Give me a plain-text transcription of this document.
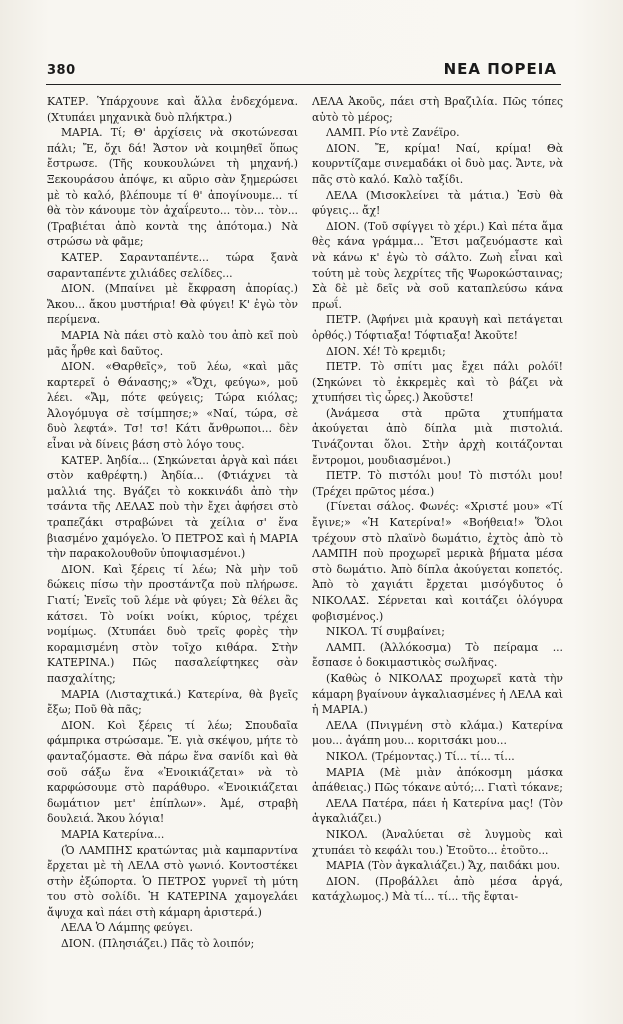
380	ΝΕΑ ΠΟΡΕΙΑ

ΚΑΤΕΡ. Ὑπάρχουνε καὶ ἄλλα ἐνδεχόμενα. (Χτυπάει μηχανικὰ δυὸ πλήκτρα.)

ΜΑΡΙΑ. Τί; Θ' ἀρχίσεις νὰ σκοτώνεσαι πάλι; Ἔ, ὄχι δά! Ἄστον νὰ κοιμηθεῖ ὅπως ἔστρωσε. (Τῆς κουκουλώνει τὴ μηχανή.) Ξεκουράσου ἀπόψε, κι αὔριο σὰν ξημερώσει μὲ τὸ καλό, βλέπουμε τί θ' ἀπογίνουμε... τί θὰ τὸν κάνουμε τὸν ἀχαΐρευτο... τὸν... τὸν... (Τραβιέται ἀπὸ κοντὰ της ἀπότομα.) Νὰ στρώσω νὰ φᾶμε;

ΚΑΤΕΡ. Σαρανταπέντε... τώρα ξανὰ σαρανταπέντε χιλιάδες σελίδες...

ΔΙΟΝ. (Μπαίνει μὲ ἔκφραση ἀπορίας.) Ἄκου... ἄκου μυστήρια! Θὰ φύγει! Κ' ἐγὼ τὸν περίμενα.

ΜΑΡΙΑ Νὰ πάει στὸ καλὸ του ἀπὸ κεῖ ποὺ μᾶς ἦρθε καὶ δαῦτος.

ΔΙΟΝ. «Θαρθεῖς», τοῦ λέω, «καὶ μᾶς καρτερεῖ ὁ Θάνασης;» «Ὄχι, φεύγω», μοῦ λέει. «Ἄμ, πότε φεύγεις; Τώρα κιόλας; Ἀλογόμυγα σὲ τσίμπησε;» «Ναί, τώρα, σὲ δυὸ λεφτά». Τσ! τσ! Κάτι ἄνθρωποι... δὲν εἶναι νὰ δίνεις βάση στὸ λόγο τους.

ΚΑΤΕΡ. Ἀηδία... (Σηκώνεται ἀργὰ καὶ πάει στὸν καθρέφτη.) Ἀηδία... (Φτιάχνει τὰ μαλλιά της. Βγάζει τὸ κοκκινάδι ἀπὸ τὴν τσάντα τῆς ΛΕΛΑΣ ποὺ τὴν ἔχει ἀφήσει στὸ τραπεζάκι στραβώνει τὰ χείλια σ' ἕνα βιασμένο χαμόγελο. Ὁ ΠΕΤΡΟΣ καὶ ἡ ΜΑΡΙΑ τὴν παρακολουθοῦν ὑποψιασμένοι.)

ΔΙΟΝ. Καὶ ξέρεις τί λέω; Νὰ μὴν τοῦ δώκεις πίσω τὴν προστάντζα ποὺ πλήρωσε. Γιατί; Ἐνεῖς τοῦ λέμε νὰ φύγει; Σὰ θέλει ἂς κάτσει. Τὸ νοίκι νοίκι, κύριος, τρέχει νομίμως. (Χτυπάει δυὸ τρεῖς φορὲς τὴν κοραμισμένη στὸν τοῖχο κιθάρα. Στὴν ΚΑΤΕΡΙΝΑ.) Πῶς πασαλείφτηκες σὰν πασχαλίτης;

ΜΑΡΙΑ (Λισταχτικά.) Κατερίνα, θὰ βγεῖς ἔξω; Ποῦ θὰ πᾶς;

ΔΙΟΝ. Κοὶ ξέρεις τί λέω; Σπουδαῖα φάμπρικα στρώσαμε. Ἔ. γιὰ σκέψου, μήτε τὸ φανταζόμαστε. Θὰ πάρω ἕνα σανίδι καὶ θὰ σοῦ σάξω ἕνα «Ἐνοικιάζεται» νὰ τὸ καρφώσουμε στὸ παράθυρο. «Ἐνοικιάζεται δωμάτιον μετ' ἐπίπλων». Ἀμέ, στραβὴ δουλειά. Ἄκου λόγια!

ΜΑΡΙΑ Κατερίνα...

(Ὁ ΛΑΜΠΗΣ κρατώντας μιὰ καμπαρντίνα ἔρχεται μὲ τὴ ΛΕΛΑ στὸ γωνιό. Κοντοστέκει στὴν ἐξώπορτα. Ὁ ΠΕΤΡΟΣ γυρνεῖ τὴ μύτη του στὸ σολίδι. Ἡ ΚΑΤΕΡΙΝΑ χαμογελάει ἄψυχα καὶ πάει στὴ κάμαρη ἀριστερά.)

ΛΕΛΑ Ὁ Λάμπης φεύγει.

ΔΙΟΝ. (Πλησιάζει.) Πᾶς τὸ λοιπόν;

ΛΕΛΑ Ἀκοῦς, πάει στὴ Βραζιλία. Πῶς τόπες αὐτὸ τὸ μέρος;

ΛΑΜΠ. Ρίο ντὲ Ζανέϊρο.

ΔΙΟΝ. Ἔ, κρίμα! Ναί, κρίμα! Θὰ κουρντίζαμε σινεμαδάκι οἱ δυὸ μας. Ἄντε, νὰ πᾶς στὸ καλό. Καλὸ ταξίδι.

ΛΕΛΑ (Μισοκλείνει τὰ μάτια.) Ἐσὺ θὰ φύγεις... ἄχ!

ΔΙΟΝ. (Τοῦ σφίγγει τὸ χέρι.) Καὶ πέτα ἅμα θὲς κάνα γράμμα... Ἔτσι μαζευόμαστε καὶ νὰ κάνω κ' ἐγὼ τὸ σάλτο. Ζωὴ εἶναι καὶ τούτη μὲ τοὺς λεχρίτες τῆς Ψωροκώσταινας; Σὰ δὲ μὲ δεῖς νὰ σοῦ καταπλεύσω κάνα πρωΐ.

ΠΕΤΡ. (Ἀφήνει μιὰ κραυγὴ καὶ πετάγεται ὀρθός.) Τόφτιαξα! Τόφτιαξα! Ἀκοῦτε!

ΔΙΟΝ. Χέ! Τὸ κρεμιδι;

ΠΕΤΡ. Τὸ σπίτι μας ἔχει πάλι ρολόϊ! (Σηκώνει τὸ ἐκκρεμὲς καὶ τὸ βάζει νὰ χτυπήσει τὶς ὧρες.) Ἀκοῦστε!

(Ἀνάμεσα στὰ πρῶτα χτυπήματα ἀκούγεται ἀπὸ δίπλα μιὰ πιστολιά. Τινάζονται ὅλοι. Στὴν ἀρχὴ κοιτάζονται ἔντρομοι, μουδιασμένοι.)

ΠΕΤΡ. Τὸ πιστόλι μου! Τὸ πιστόλι μου! (Τρέχει πρῶτος μέσα.)

(Γίνεται σάλος. Φωνές: «Χριστέ μου» «Τί ἔγινε;» «Ἡ Κατερίνα!» «Βοήθεια!» Ὅλοι τρέχουν στὸ πλαϊνὸ δωμάτιο, ἐχτὸς ἀπὸ τὸ ΛΑΜΠΗ ποὺ προχωρεῖ μερικὰ βήματα μέσα στὸ δωμάτιο. Ἀπὸ δίπλα ἀκούγεται κοπετός. Ἀπὸ τὸ χαγιάτι ἔρχεται μισόγδυτος ὁ ΝΙΚΟΛΑΣ. Σέρνεται καὶ κοιτάζει ὁλόγυρα φοβισμένος.)

ΝΙΚΟΛ. Τί συμβαίνει;

ΛΑΜΠ. (Ἀλλόκοσμα) Τὸ πείραμα ... ἔσπασε ὁ δοκιμαστικὸς σωλῆνας.

(Καθὼς ὁ ΝΙΚΟΛΑΣ προχωρεῖ κατὰ τὴν κάμαρη βγαίνουν ἀγκαλιασμένες ἡ ΛΕΛΑ καὶ ἡ ΜΑΡΙΑ.)

ΛΕΛΑ (Πνιγμένη στὸ κλάμα.) Κατερίνα μου... ἀγάπη μου... κοριτσάκι μου...

ΝΙΚΟΛ. (Τρέμοντας.) Τί... τί... τί...

ΜΑΡΙΑ (Μὲ μιὰν ἀπόκοσμη μάσκα ἀπάθειας.) Πῶς τόκανε αὐτό;... Γιατὶ τόκανε;

ΛΕΛΑ Πατέρα, πάει ἡ Κατερίνα μας! (Τὸν ἀγκαλιάζει.)

ΝΙΚΟΛ. (Ἀναλύεται σὲ λυγμοὺς καὶ χτυπάει τὸ κεφάλι του.) Ἐτοῦτο... ἐτοῦτο...

ΜΑΡΙΑ (Τὸν ἀγκαλιάζει.) Ἄχ, παιδάκι μου.

ΔΙΟΝ. (Προβάλλει ἀπὸ μέσα ἀργά, κατάχλωμος.) Μὰ τί... τί... τῆς ἔφται-
